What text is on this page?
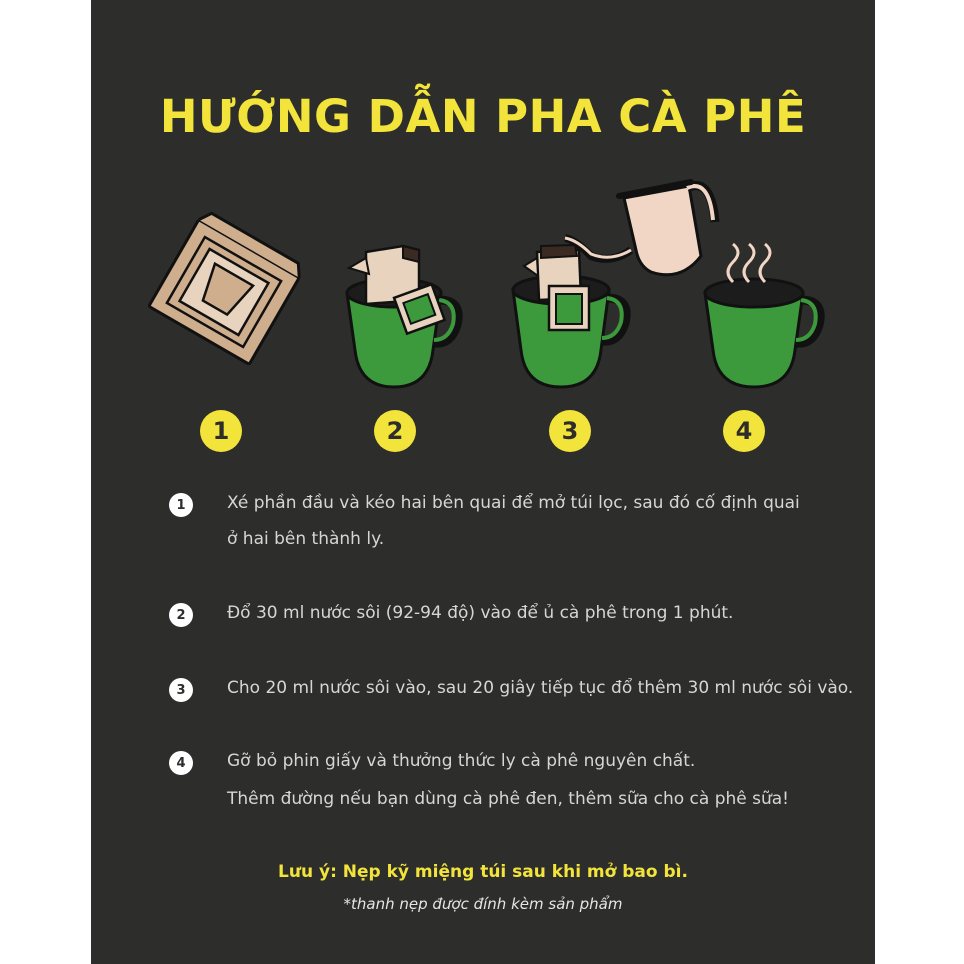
HƯỚNG DẪN PHA CÀ PHÊ
1	2	3	4
1	Xé phần đầu và kéo hai bên quai để mở túi lọc, sau đó cố định quai
ở hai bên thành ly.
2	Đổ 30 ml nước sôi (92-94 độ) vào để ủ cà phê trong 1 phút.
3	Cho 20 ml nước sôi vào, sau 20 giây tiếp tục đổ thêm 30 ml nước sôi vào.
4	Gỡ bỏ phin giấy và thưởng thức ly cà phê nguyên chất.
Thêm đường nếu bạn dùng cà phê đen, thêm sữa cho cà phê sữa!
Lưu ý: Nẹp kỹ miệng túi sau khi mở bao bì.
*thanh nẹp được đính kèm sản phẩm
